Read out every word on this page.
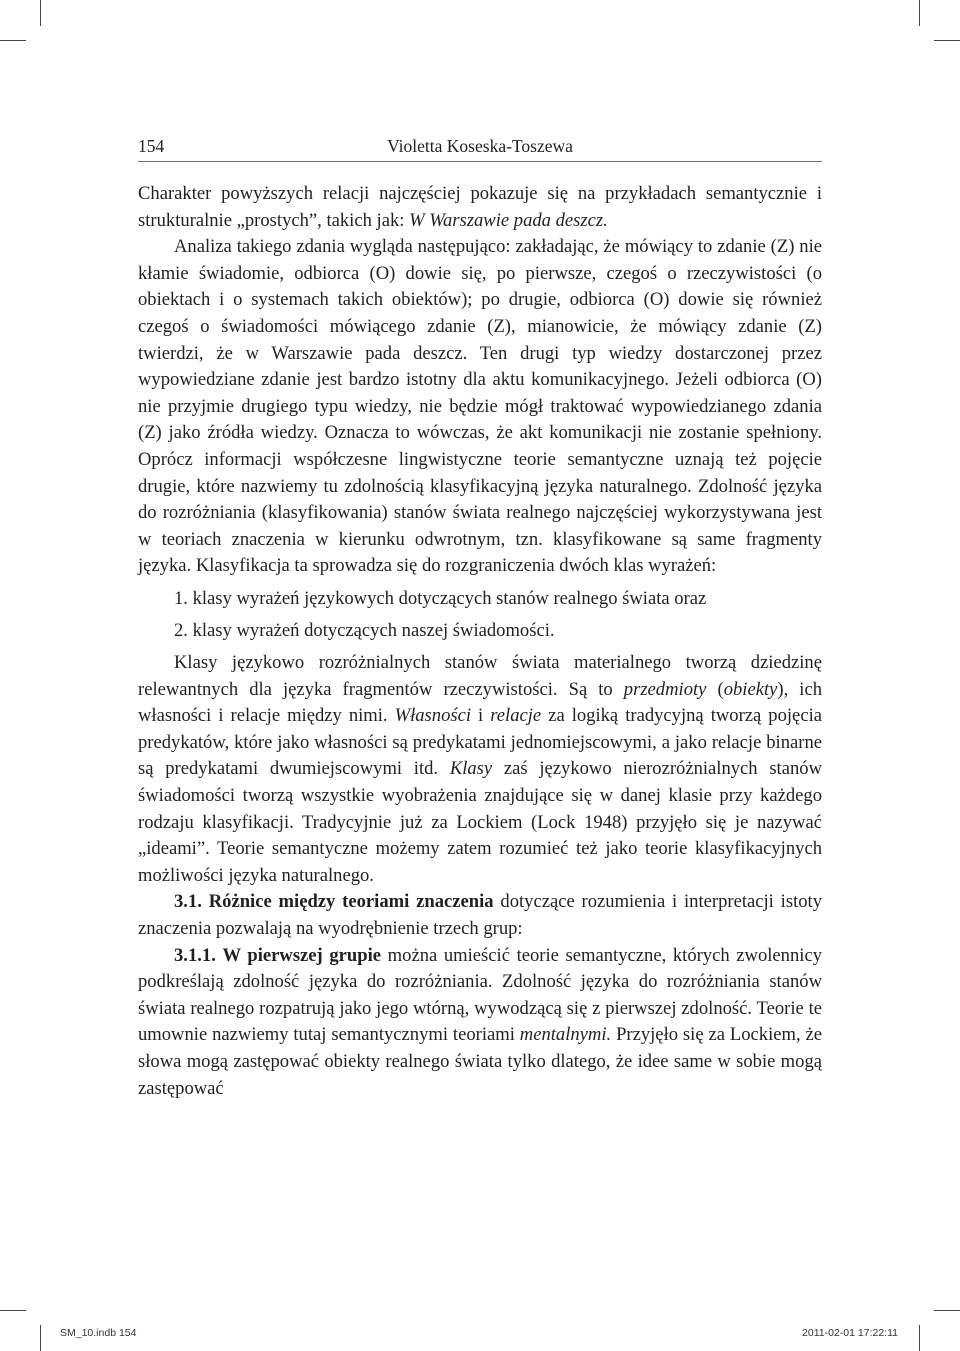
154	Violetta Koseska-Toszewa

Charakter powyższych relacji najczęściej pokazuje się na przykładach semantycznie i strukturalnie „prostych”, takich jak: W Warszawie pada deszcz.

Analiza takiego zdania wygląda następująco: zakładając, że mówiący to zdanie (Z) nie kłamie świadomie, odbiorca (O) dowie się, po pierwsze, czegoś o rzeczywistości (o obiektach i o systemach takich obiektów); po drugie, odbiorca (O) dowie się również czegoś o świadomości mówiącego zdanie (Z), mianowicie, że mówiący zdanie (Z) twierdzi, że w Warszawie pada deszcz. Ten drugi typ wiedzy dostarczonej przez wypowiedziane zdanie jest bardzo istotny dla aktu komunikacyjnego. Jeżeli odbiorca (O) nie przyjmie drugiego typu wiedzy, nie będzie mógł traktować wypowiedzianego zdania (Z) jako źródła wiedzy. Oznacza to wówczas, że akt komunikacji nie zostanie spełniony. Oprócz informacji współczesne lingwistyczne teorie semantyczne uznają też pojęcie drugie, które nazwiemy tu zdolnością klasyfikacyjną języka naturalnego. Zdolność języka do rozróżniania (klasyfikowania) stanów świata realnego najczęściej wykorzystywana jest w teoriach znaczenia w kierunku odwrotnym, tzn. klasyfikowane są same fragmenty języka. Klasyfikacja ta sprowadza się do rozgraniczenia dwóch klas wyrażeń:

1. klasy wyrażeń językowych dotyczących stanów realnego świata oraz

2. klasy wyrażeń dotyczących naszej świadomości.

Klasy językowo rozróżnialnych stanów świata materialnego tworzą dziedzinę relewantnych dla języka fragmentów rzeczywistości. Są to przedmioty (obiekty), ich własności i relacje między nimi. Własności i relacje za logiką tradycyjną tworzą pojęcia predykatów, które jako własności są predykatami jednomiejscowymi, a jako relacje binarne są predykatami dwumiejscowymi itd. Klasy zaś językowo nierozróżnialnych stanów świadomości tworzą wszystkie wyobrażenia znajdujące się w danej klasie przy każdego rodzaju klasyfikacji. Tradycyjnie już za Lockiem (Lock 1948) przyjęło się je nazywać „ideami”. Teorie semantyczne możemy zatem rozumieć też jako teorie klasyfikacyjnych możliwości języka naturalnego.

3.1. Różnice między teoriami znaczenia dotyczące rozumienia i interpretacji istoty znaczenia pozwalają na wyodrębnienie trzech grup:

3.1.1. W pierwszej grupie można umieścić teorie semantyczne, których zwolennicy podkreślają zdolność języka do rozróżniania. Zdolność języka do rozróżniania stanów świata realnego rozpatrują jako jego wtórną, wywodzącą się z pierwszej zdolność. Teorie te umownie nazwiemy tutaj semantycznymi teoriami mentalnymi. Przyjęło się za Lockiem, że słowa mogą zastępować obiekty realnego świata tylko dlatego, że idee same w sobie mogą zastępować

SM_10.indb 154	2011-02-01 17:22:11
